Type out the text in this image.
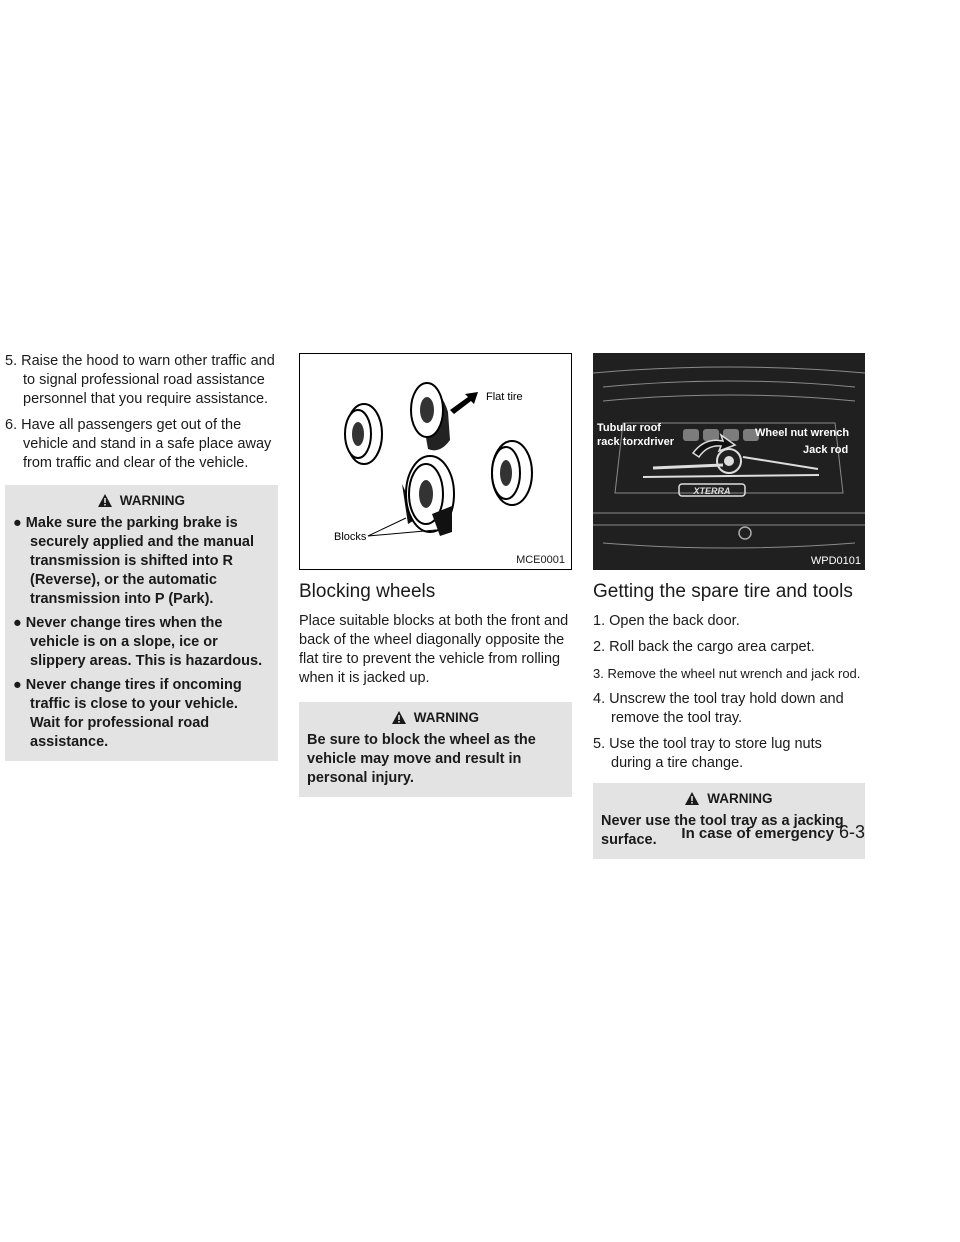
5. Raise the hood to warn other traffic and to signal professional road assistance personnel that you require assistance.

6. Have all passengers get out of the vehicle and stand in a safe place away from traffic and clear of the vehicle.

WARNING
● Make sure the parking brake is securely applied and the manual transmission is shifted into R (Reverse), or the automatic transmission into P (Park).
● Never change tires when the vehicle is on a slope, ice or slippery areas. This is hazardous.
● Never change tires if oncoming traffic is close to your vehicle. Wait for professional road assistance.
Flat tire
Blocks
MCE0001
Blocking wheels

Place suitable blocks at both the front and back of the wheel diagonally opposite the flat tire to prevent the vehicle from rolling when it is jacked up.

WARNING
Be sure to block the wheel as the vehicle may move and result in personal injury.
XTERRA
Tubular roof
rack torxdriver
Wheel nut wrench
Jack rod
WPD0101
Getting the spare tire and tools

1. Open the back door.

2. Roll back the cargo area carpet.

3. Remove the wheel nut wrench and jack rod.

4. Unscrew the tool tray hold down and remove the tool tray.

5. Use the tool tray to store lug nuts during a tire change.

WARNING
Never use the tool tray as a jacking surface.	In case of emergency 6-3
